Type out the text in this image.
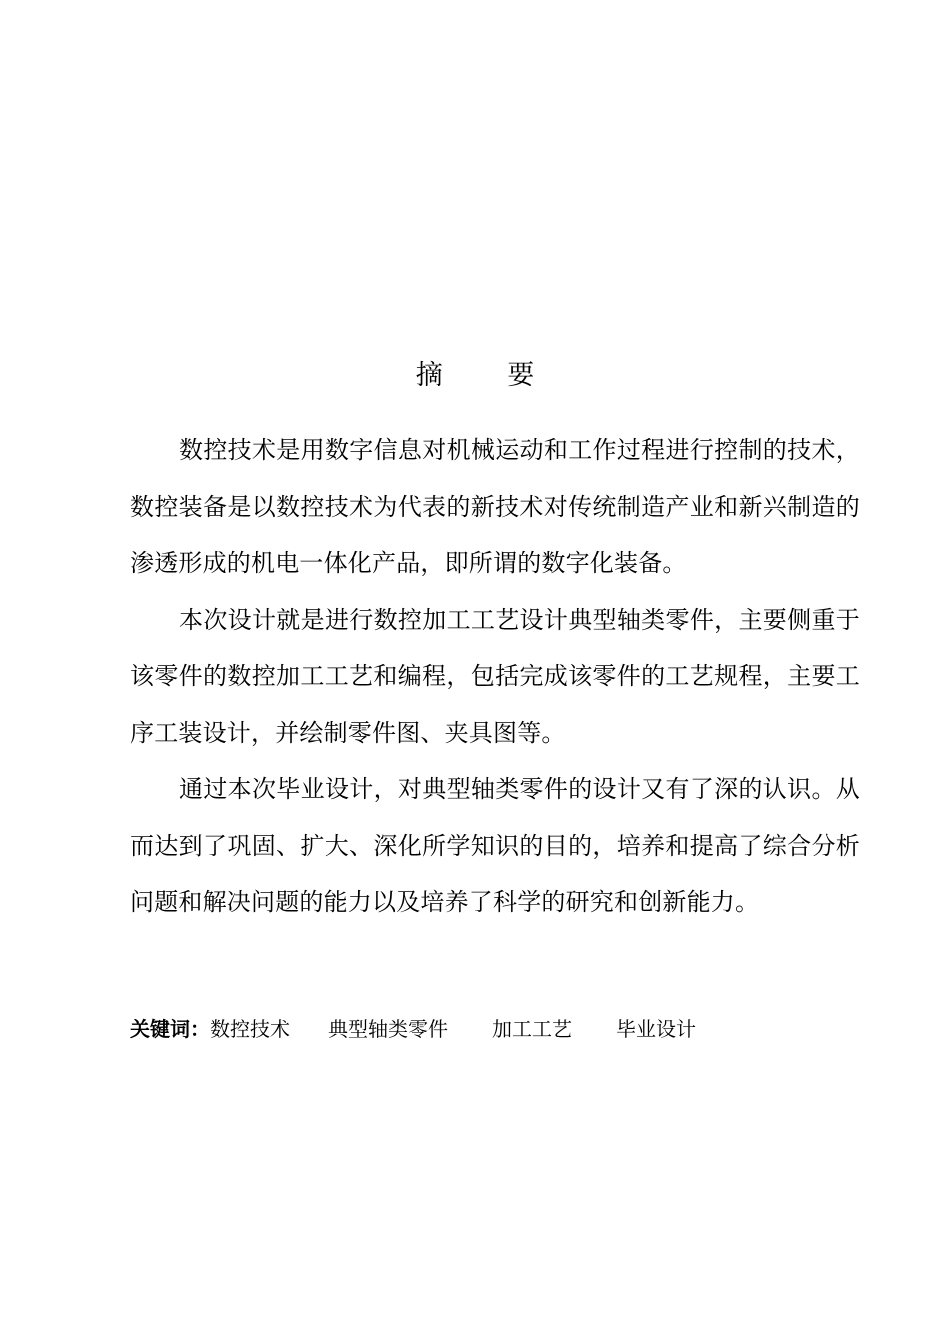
摘 要

数控技术是用数字信息对机械运动和工作过程进行控制的技术，数控装备是以数控技术为代表的新技术对传统制造产业和新兴制造的渗透形成的机电一体化产品，即所谓的数字化装备。

本次设计就是进行数控加工工艺设计典型轴类零件，主要侧重于该零件的数控加工工艺和编程，包括完成该零件的工艺规程，主要工序工装设计，并绘制零件图、夹具图等。

通过本次毕业设计，对典型轴类零件的设计又有了深的认识。从而达到了巩固、扩大、深化所学知识的目的，培养和提高了综合分析问题和解决问题的能力以及培养了科学的研究和创新能力。

关键词：数控技术 典型轴类零件 加工工艺 毕业设计
